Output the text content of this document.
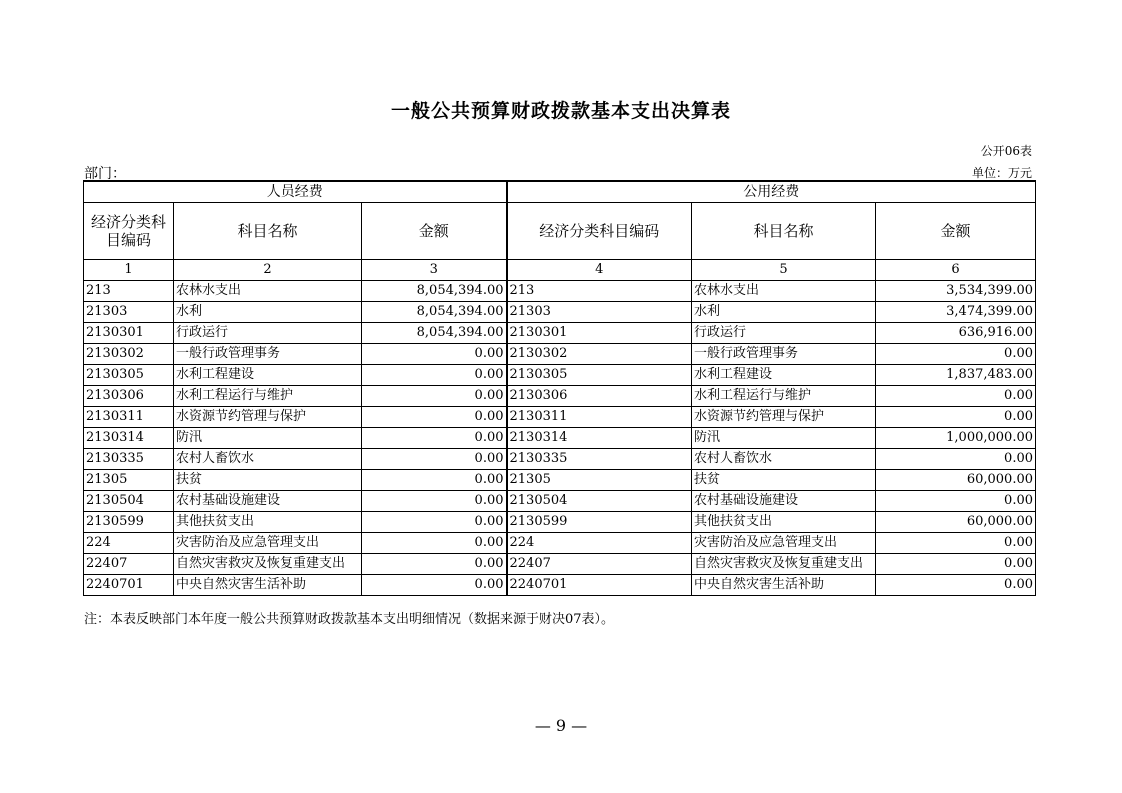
一般公共预算财政拨款基本支出决算表
公开06表
部门：	单位：万元
人员经费			公用经费		
经济分类科目编码	科目名称	金额	经济分类科目编码	科目名称	金额
1	2	3	4	5	6
213	农林水支出	8,054,394.00	213	农林水支出	3,534,399.00
21303	水利	8,054,394.00	21303	水利	3,474,399.00
2130301	行政运行	8,054,394.00	2130301	行政运行	636,916.00
2130302	一般行政管理事务	0.00	2130302	一般行政管理事务	0.00
2130305	水利工程建设	0.00	2130305	水利工程建设	1,837,483.00
2130306	水利工程运行与维护	0.00	2130306	水利工程运行与维护	0.00
2130311	水资源节约管理与保护	0.00	2130311	水资源节约管理与保护	0.00
2130314	防汛	0.00	2130314	防汛	1,000,000.00
2130335	农村人畜饮水	0.00	2130335	农村人畜饮水	0.00
21305	扶贫	0.00	21305	扶贫	60,000.00
2130504	农村基础设施建设	0.00	2130504	农村基础设施建设	0.00
2130599	其他扶贫支出	0.00	2130599	其他扶贫支出	60,000.00
224	灾害防治及应急管理支出	0.00	224	灾害防治及应急管理支出	0.00
22407	自然灾害救灾及恢复重建支出	0.00	22407	自然灾害救灾及恢复重建支出	0.00
2240701	中央自然灾害生活补助	0.00	2240701	中央自然灾害生活补助	0.00
注：本表反映部门本年度一般公共预算财政拨款基本支出明细情况（数据来源于财决07表）。
— 9 —
